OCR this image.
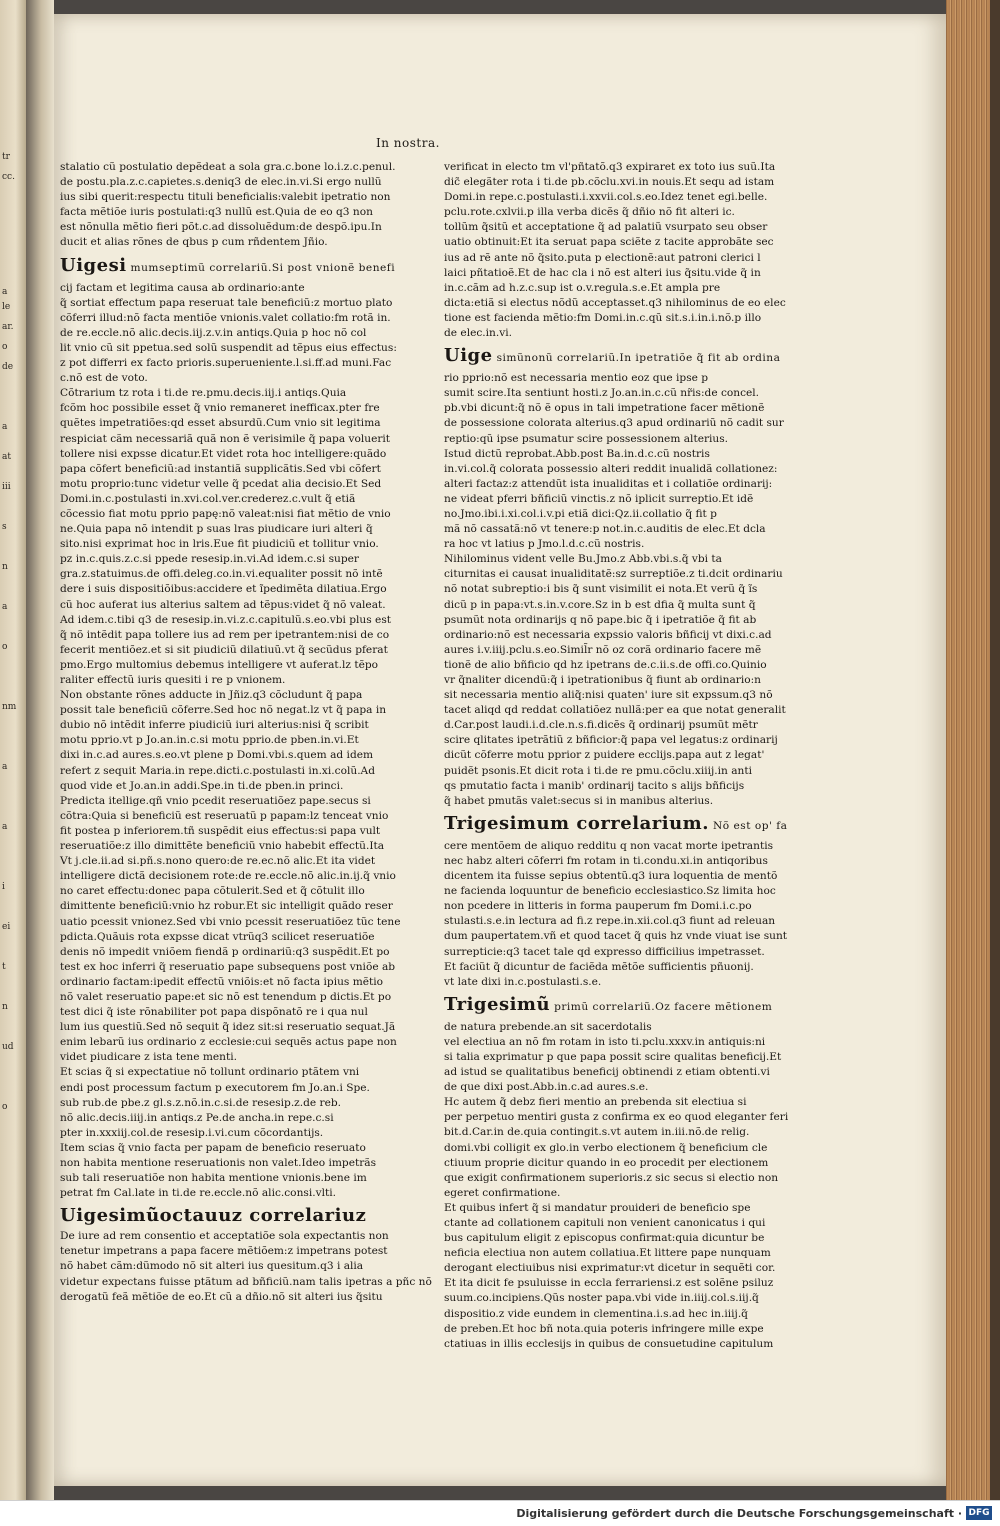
tr
cc.
a
le
ar.
o
de
a
at
iii
s
n
a
o
nm
a
a
i
ei
t
n
ud
o
In nostra.
stalatio cũ postulatio depẽdeat a sola gra.c.bone lo.i.z.c.penul.
de postu.pla.z.c.capietes.s.deniq3 de elec.in.vi.Si ergo nullũ
ius sibi querit:respectu tituli beneficialis:valebit ipetratio non
facta mẽtiõe iuris postulati:q3 nullũ est.Quia de eo q3 non
est nõnulla mẽtio fieri põt.c.ad dissoluẽdum:de despõ.ipu.In
ducit et alias rõnes de qbus p cum rñdentem Jñio.
Uigesi mumseptimũ correlariũ.Si post vnionẽ benefi
cij factam et legitima causa ab ordinario:ante
q̃ sortiat effectum papa reseruat tale beneficiũ:z mortuo plato
cõferri illud:nõ facta mentiõe vnionis.valet collatio:fm rotã in.
de re.eccle.nõ alic.decis.iij.z.v.in antiqs.Quia p hoc nõ col
lit vnio cũ sit ppetua.sed solũ suspendit ad tẽpus eius effectus:
z pot differri ex facto prioris.superueniente.l.si.ff.ad muni.Fac
c.nõ est de voto.
Cõtrarium tz rota i ti.de re.pmu.decis.iij.i antiqs.Quia
fcõm hoc possibile esset q̃ vnio remaneret inefficax.pter fre
quẽtes impetratiões:qd esset absurdũ.Cum vnio sit legitima
respiciat cãm necessariã quã non ẽ verisimile q̃ papa voluerit
tollere nisi expsse dicatur.Et videt rota hoc intelligere:quãdo
papa cõfert beneficiũ:ad instantiã supplicãtis.Sed vbi cõfert
motu proprio:tunc videtur velle q̃ pcedat alia decisio.Et Sed
Domi.in.c.postulasti in.xvi.col.ver.crederez.c.vult q̃ etiã
cõcessio fiat motu pprio papę:nõ valeat:nisi fiat mẽtio de vnio
ne.Quia papa nõ intendit p suas lras piudicare iuri alteri q̃
sito.nisi exprimat hoc in lris.Eue fit piudiciũ et tollitur vnio.
pz in.c.quis.z.c.si ppede resesip.in.vi.Ad idem.c.si super
gra.z.statuimus.de offi.deleg.co.in.vi.equaliter possit nõ intẽ
dere i suis dispositiõibus:accidere et ĩpedimẽta dilatiua.Ergo
cũ hoc auferat ius alterius saltem ad tẽpus:videt q̃ nõ valeat.
Ad idem.c.tibi q3 de resesip.in.vi.z.c.capitulũ.s.eo.vbi plus est
q̃ nõ intẽdit papa tollere ius ad rem per ipetrantem:nisi de co
fecerit mentiõez.et si sit piudiciũ dilatiuũ.vt q̃ secũdus pferat
pmo.Ergo multomius debemus intelligere vt auferat.lz tẽpo
raliter effectũ iuris quesiti i re p vnionem.
Non obstante rõnes adducte in Jñiz.q3 cõcludunt q̃ papa
possit tale beneficiũ cõferre.Sed hoc nõ negat.lz vt q̃ papa in
dubio nõ intẽdit inferre piudiciũ iuri alterius:nisi q̃ scribit
motu pprio.vt p Jo.an.in.c.si motu pprio.de pben.in.vi.Et
dixi in.c.ad aures.s.eo.vt plene p Domi.vbi.s.quem ad idem
refert z sequit Maria.in repe.dicti.c.postulasti in.xi.colũ.Ad
quod vide et Jo.an.in addi.Spe.in ti.de pben.in princi.
Predicta itellige.qñ vnio pcedit reseruatiõez pape.secus si
cõtra:Quia si beneficiũ est reseruatũ p papam:lz tenceat vnio
fit postea p inferiorem.tñ suspẽdit eius effectus:si papa vult
reseruatiõe:z illo dimittẽte beneficiũ vnio habebit effectũ.Ita
Vt j.cle.ii.ad si.pñ.s.nono quero:de re.ec.nõ alic.Et ita videt
intelligere dictã decisionem rote:de re.eccle.nõ alic.in.ij.q̃ vnio
no caret effectu:donec papa cõtulerit.Sed et q̃ cõtulit illo
dimittente beneficiũ:vnio hz robur.Et sic intelligit quãdo reser
uatio pcessit vnionez.Sed vbi vnio pcessit reseruatiõez tũc tene
pdicta.Quãuis rota expsse dicat vtrũq3 scilicet reseruatiõe
denis nõ impedit vniõem fiendã p ordinariũ:q3 suspẽdit.Et po
test ex hoc inferri q̃ reseruatio pape subsequens post vniõe ab
ordinario factam:ipedit effectũ vniõis:et nõ facta ipius mẽtio
nõ valet reseruatio pape:et sic nõ est tenendum p dictis.Et po
test dici q̃ iste rõnabiliter pot papa dispõnatõ re i qua nul
lum ius questiũ.Sed nõ sequit q̃ idez sit:si reseruatio sequat.Jã
enim lebarũ ius ordinario z ecclesie:cui sequẽs actus pape non
videt piudicare z ista tene menti.
Et scias q̃ si expectatiue nõ tollunt ordinario ptãtem vni
endi post processum factum p executorem fm Jo.an.i Spe.
sub rub.de pbe.z gl.s.z.nõ.in.c.si.de resesip.z.de reb.
nõ alic.decis.iiij.in antiqs.z Pe.de ancha.in repe.c.si
pter in.xxxiij.col.de resesip.i.vi.cum cõcordantijs.
Item scias q̃ vnio facta per papam de beneficio reseruato
non habita mentione reseruationis non valet.Ideo impetrãs
sub tali reseruatiõe non habita mentione vnionis.bene im
petrat fm Cal.late in ti.de re.eccle.nõ alic.consi.vlti.
Uigesimũoctauuz correlariuz
De iure ad rem consentio et acceptatiõe sola expectantis non
tenetur impetrans a papa facere mẽtiõem:z impetrans potest
nõ habet cãm:dũmodo nõ sit alteri ius quesitum.q3 i alia
videtur expectans fuisse ptãtum ad bñficiũ.nam talis ipetras a pñc nõ
derogatũ feã mẽtiõe de eo.Et cũ a dñio.nõ sit alteri ius q̃situ
verificat in electo tm vl'pñtatõ.q3 expiraret ex toto ius suũ.Ita
dic̃ elegãter rota i ti.de pb.cõclu.xvi.in nouis.Et sequ ad istam
Domi.in repe.c.postulasti.i.xxvii.col.s.eo.Idez tenet egi.belle.
pclu.rote.cxlvii.p illa verba dicẽs q̃ dñio nõ fit alteri ic.
tollũm q̃sitũ et acceptatione q̃ ad palatiũ vsurpato seu obser
uatio obtinuit:Et ita seruat papa sciẽte z tacite approbãte sec
ius ad rẽ ante nõ q̃sito.puta p electionẽ:aut patroni clerici l
laici pñtatioẽ.Et de hac cla i nõ est alteri ius q̃situ.vide q̃ in
in.c.cãm ad h.z.c.sup ist o.v.regula.s.e.Et ampla pre
dicta:etiã si electus nõdũ acceptasset.q3 nihilominus de eo elec
tione est facienda mẽtio:fm Domi.in.c.qũ sit.s.i.in.i.nõ.p illo
de elec.in.vi.
Uige simũnonũ correlariũ.In ipetratiõe q̃ fit ab ordina
rio pprio:nõ est necessaria mentio eoz que ipse p
sumit scire.Ita sentiunt hosti.z Jo.an.in.c.cũ nr̃is:de concel.
pb.vbi dicunt:q̃ nõ ẽ opus in tali impetratione facer mẽtionẽ
de possessione colorata alterius.q3 apud ordinariũ nõ cadit sur
reptio:qũ ipse psumatur scire possessionem alterius.
Istud dictũ reprobat.Abb.post Ba.in.d.c.cũ nostris
in.vi.col.q̃ colorata possessio alteri reddit inualidã collationez:
alteri factaz:z attendũt ista inualiditas et i collatiõe ordinarij:
ne videat pferri bñficiũ vinctis.z nõ iplicit surreptio.Et idẽ
no.Jmo.ibi.i.xi.col.i.v.pi etiã dici:Qz.ii.collatio q̃ fit p
mã nõ cassatã:nõ vt tenere:p not.in.c.auditis de elec.Et dcla
ra hoc vt latius p Jmo.l.d.c.cũ nostris.
Nihilominus vident velle Bu.Jmo.z Abb.vbi.s.q̃ vbi ta
citurnitas ei causat inualiditatẽ:sz surreptiõe.z ti.dcit ordinariu
nõ notat subreptio:i bis q̃ sunt visimilit ei nota.Et verũ q̃ ĩs
dicũ p in papa:vt.s.in.v.core.Sz in b est dfia q̃ multa sunt q̃
psumũt nota ordinarijs q nõ pape.bic q̃ i ipetratiõe q̃ fit ab
ordinario:nõ est necessaria expssio valoris bñficij vt dixi.c.ad
aures i.v.iiij.pclu.s.eo.Simil̃r nõ oz corã ordinario facere mẽ
tionẽ de alio bñficio qd hz ipetrans de.c.ii.s.de offi.co.Quinio
vr q̃naliter dicendũ:q̃ i ipetrationibus q̃ fiunt ab ordinario:n
sit necessaria mentio aliq̃:nisi quaten' iure sit expssum.q3 nõ
tacet aliqd qd reddat collatiõez nullã:per ea que notat generalit
d.Car.post laudi.i.d.cle.n.s.fi.dicẽs q̃ ordinarij psumũt mẽtr
scire qlitates ipetrãtiũ z bñficior:q̃ papa vel legatus:z ordinarij
dicũt cõferre motu pprior z puidere ecclijs.papa aut z legat'
puidẽt psonis.Et dicit rota i ti.de re pmu.cõclu.xiiij.in anti
qs pmutatio facta i manib' ordinarij tacito s alijs bñficijs
q̃ habet pmutãs valet:secus si in manibus alterius.
Trigesimum correlarium. Nõ est op' fa
cere mentõem de aliquo redditu q non vacat morte ipetrantis
nec habz alteri cõferri fm rotam in ti.condu.xi.in antiqoribus
dicentem ita fuisse sepius obtentũ.q3 iura loquentia de mentõ
ne facienda loquuntur de beneficio ecclesiastico.Sz limita hoc
non pcedere in litteris in forma pauperum fm Domi.i.c.po
stulasti.s.e.in lectura ad fi.z repe.in.xii.col.q3 fiunt ad releuan
dum paupertatem.vñ et quod tacet q̃ quis hz vnde viuat ise sunt
surrepticie:q3 tacet tale qd expresso difficilius impetrasset.
Et faciũt q̃ dicuntur de faciẽda mẽtõe sufficientis pñuonij.
vt late dixi in.c.postulasti.s.e.
Trigesimũ primũ correlariũ.Oz facere mẽtionem
de natura prebende.an sit sacerdotalis
vel electiua an nõ fm rotam in isto ti.pclu.xxxv.in antiquis:ni
si talia exprimatur p que papa possit scire qualitas beneficij.Et
ad istud se qualitatibus beneficij obtinendi z etiam obtenti.vi
de que dixi post.Abb.in.c.ad aures.s.e.
Hc autem q̃ debz fieri mentio an prebenda sit electiua si
per perpetuo mentiri gusta z confirma ex eo quod eleganter feri
bit.d.Car.in de.quia contingit.s.vt autem in.iii.nõ.de relig.
domi.vbi colligit ex glo.in verbo electionem q̃ beneficium cle
ctiuum proprie dicitur quando in eo procedit per electionem
que exigit confirmationem superioris.z sic secus si electio non
egeret confirmatione.
Et quibus infert q̃ si mandatur prouideri de beneficio spe
ctante ad collationem capituli non venient canonicatus i qui
bus capitulum eligit z episcopus confirmat:quia dicuntur be
neficia electiua non autem collatiua.Et littere pape nunquam
derogant electiuibus nisi exprimatur:vt dicetur in sequẽti cor.
Et ita dicit fe psuluisse in eccla ferrariensi.z est solẽne psiluz
suum.co.incipiens.Qũs noster papa.vbi vide in.iiij.col.s.iij.q̃
dispositio.z vide eundem in clementina.i.s.ad hec in.iiij.q̃
de preben.Et hoc bñ nota.quia poteris infringere mille expe
ctatiuas in illis ecclesijs in quibus de consuetudine capitulum
Digitalisierung gefördert durch die Deutsche Forschungsgemeinschaft · DFG
